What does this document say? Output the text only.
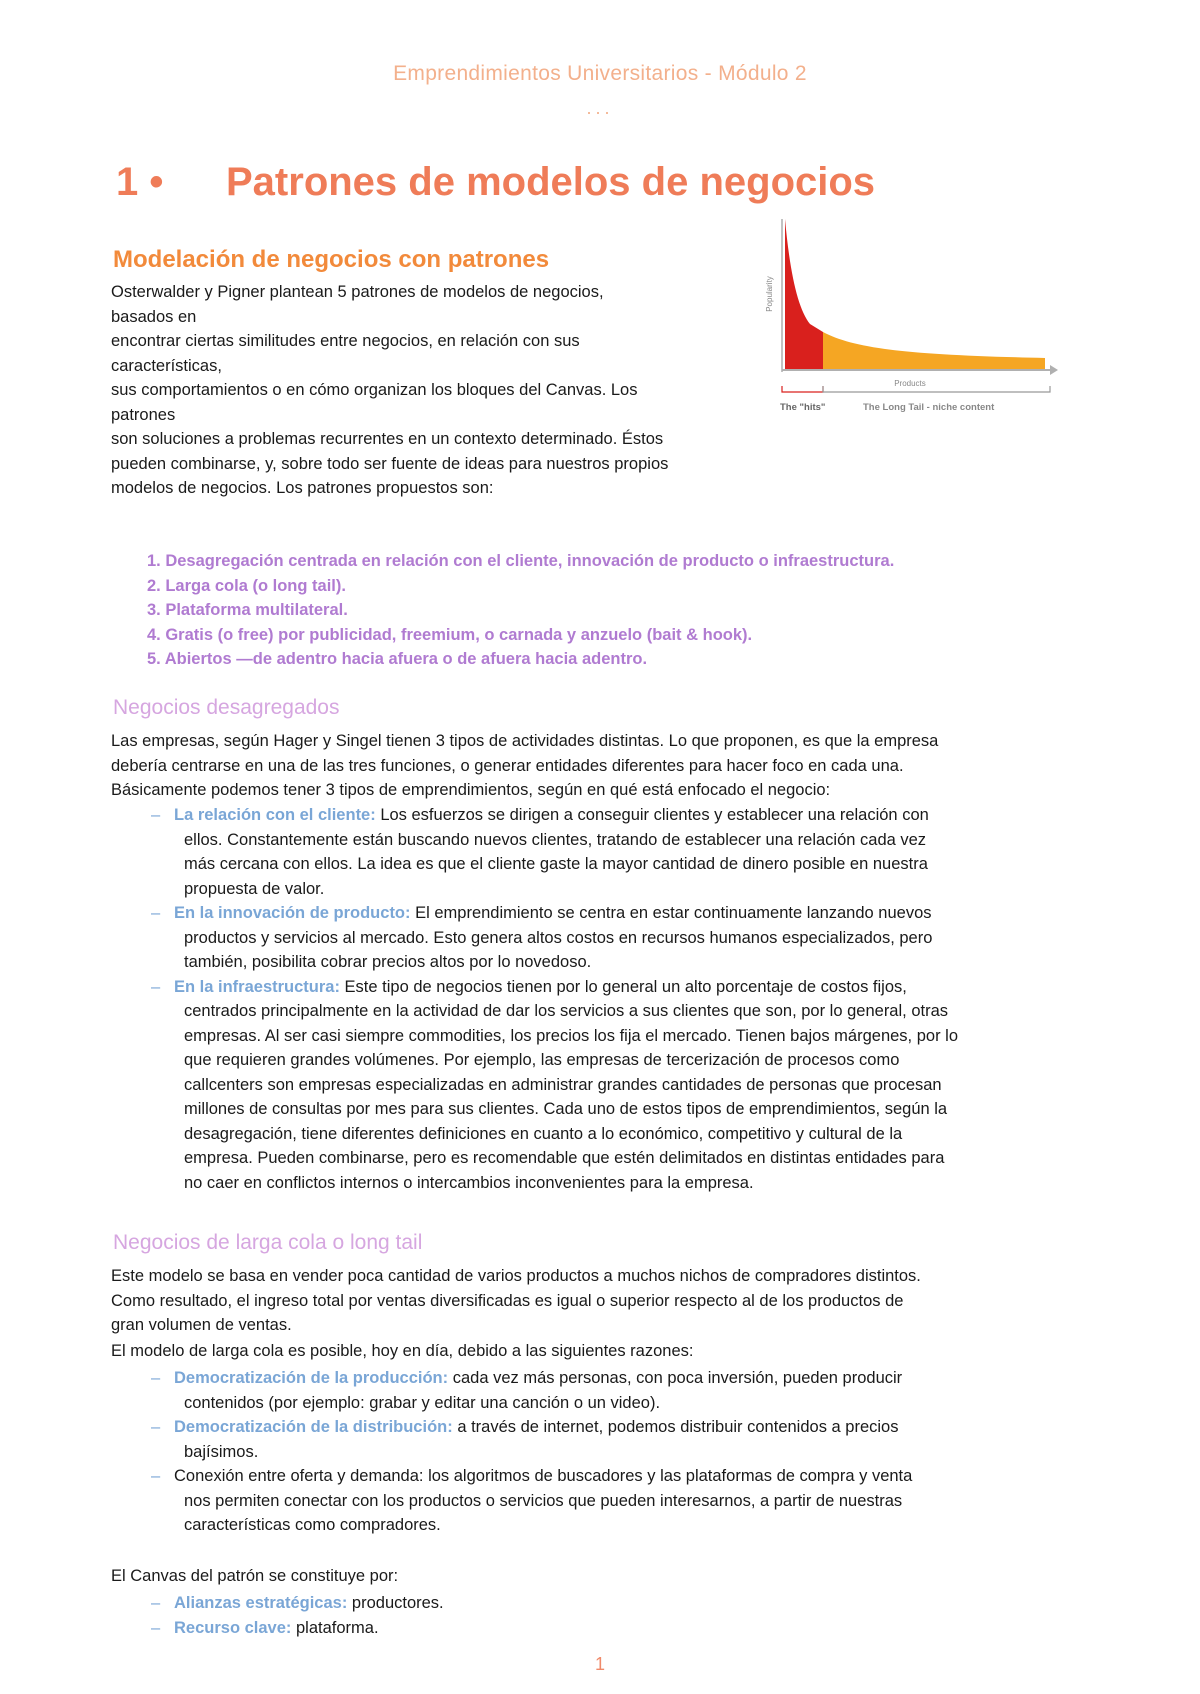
Emprendimientos Universitarios - Módulo 2
...
1 • Patrones de modelos de negocios
Modelación de negocios con patrones
Osterwalder y Pigner plantean 5 patrones de modelos de negocios,
basados en
encontrar ciertas similitudes entre negocios, en relación con sus
características,
sus comportamientos o en cómo organizan los bloques del Canvas. Los
patrones
son soluciones a problemas recurrentes en un contexto determinado. Éstos
pueden combinarse, y, sobre todo ser fuente de ideas para nuestros propios
modelos de negocios. Los patrones propuestos son:
Popularity
Products
The "hits"	The Long Tail - niche content
1. Desagregación centrada en relación con el cliente, innovación de producto o infraestructura.
2. Larga cola (o long tail).
3. Plataforma multilateral.
4. Gratis (o free) por publicidad, freemium, o carnada y anzuelo (bait & hook).
5. Abiertos —de adentro hacia afuera o de afuera hacia adentro.
Negocios desagregados
Las empresas, según Hager y Singel tienen 3 tipos de actividades distintas. Lo que proponen, es que la empresa
debería centrarse en una de las tres funciones, o generar entidades diferentes para hacer foco en cada una.
Básicamente podemos tener 3 tipos de emprendimientos, según en qué está enfocado el negocio:
– La relación con el cliente: Los esfuerzos se dirigen a conseguir clientes y establecer una relación con
ellos. Constantemente están buscando nuevos clientes, tratando de establecer una relación cada vez
más cercana con ellos. La idea es que el cliente gaste la mayor cantidad de dinero posible en nuestra
propuesta de valor.
– En la innovación de producto: El emprendimiento se centra en estar continuamente lanzando nuevos
productos y servicios al mercado. Esto genera altos costos en recursos humanos especializados, pero
también, posibilita cobrar precios altos por lo novedoso.
– En la infraestructura: Este tipo de negocios tienen por lo general un alto porcentaje de costos fijos,
centrados principalmente en la actividad de dar los servicios a sus clientes que son, por lo general, otras
empresas. Al ser casi siempre commodities, los precios los fija el mercado. Tienen bajos márgenes, por lo
que requieren grandes volúmenes. Por ejemplo, las empresas de tercerización de procesos como
callcenters son empresas especializadas en administrar grandes cantidades de personas que procesan
millones de consultas por mes para sus clientes. Cada uno de estos tipos de emprendimientos, según la
desagregación, tiene diferentes definiciones en cuanto a lo económico, competitivo y cultural de la
empresa. Pueden combinarse, pero es recomendable que estén delimitados en distintas entidades para
no caer en conflictos internos o intercambios inconvenientes para la empresa.
Negocios de larga cola o long tail
Este modelo se basa en vender poca cantidad de varios productos a muchos nichos de compradores distintos.
Como resultado, el ingreso total por ventas diversificadas es igual o superior respecto al de los productos de
gran volumen de ventas.
El modelo de larga cola es posible, hoy en día, debido a las siguientes razones:
– Democratización de la producción: cada vez más personas, con poca inversión, pueden producir
contenidos (por ejemplo: grabar y editar una canción o un video).
– Democratización de la distribución: a través de internet, podemos distribuir contenidos a precios
bajísimos.
– Conexión entre oferta y demanda: los algoritmos de buscadores y las plataformas de compra y venta
nos permiten conectar con los productos o servicios que pueden interesarnos, a partir de nuestras
características como compradores.
El Canvas del patrón se constituye por:
– Alianzas estratégicas: productores.
– Recurso clave: plataforma.
1
